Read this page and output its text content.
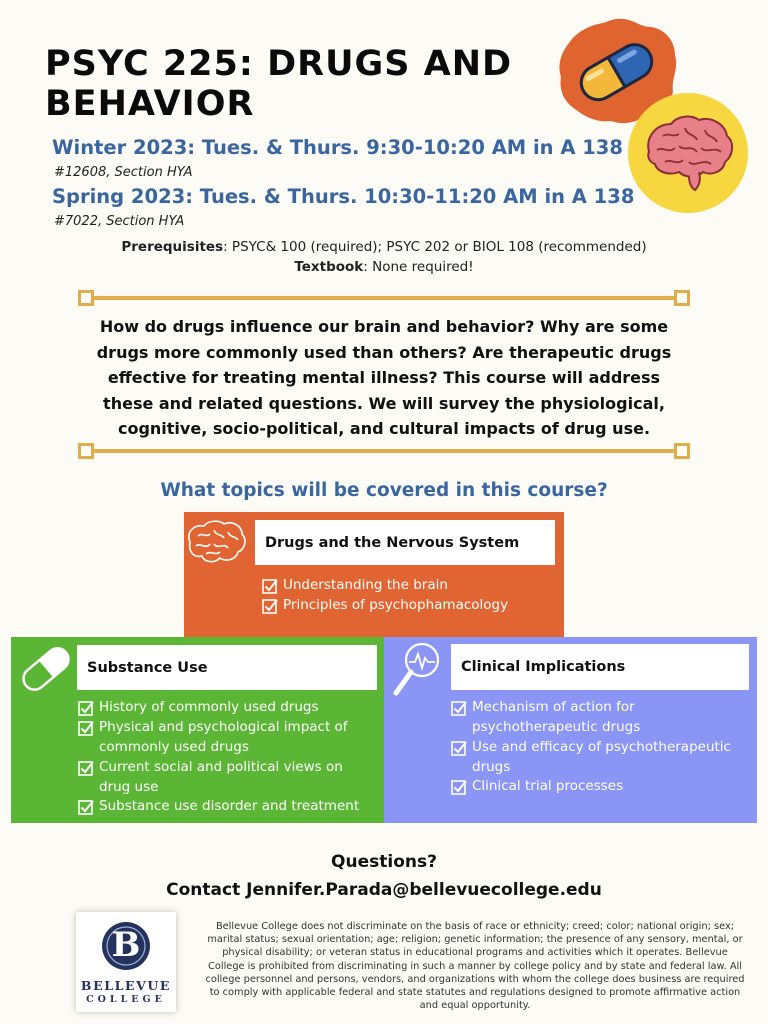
PSYC 225: DRUGS AND BEHAVIOR
Winter 2023: Tues. & Thurs. 9:30-10:20 AM in A 138
#12608, Section HYA
Spring 2023: Tues. & Thurs. 10:30-11:20 AM in A 138
#7022, Section HYA
Prerequisites: PSYC& 100 (required); PSYC 202 or BIOL 108 (recommended)
Textbook: None required!
How do drugs influence our brain and behavior? Why are some drugs more commonly used than others? Are therapeutic drugs effective for treating mental illness? This course will address these and related questions. We will survey the physiological, cognitive, socio-political, and cultural impacts of drug use.
What topics will be covered in this course?
Drugs and the Nervous System
Understanding the brain
Principles of psychophamacology
Substance Use
History of commonly used drugs
Physical and psychological impact of commonly used drugs
Current social and political views on drug use
Substance use disorder and treatment
Clinical Implications
Mechanism of action for psychotherapeutic drugs
Use and efficacy of psychotherapeutic drugs
Clinical trial processes
Questions?
Contact Jennifer.Parada@bellevuecollege.edu
B
BELLEVUE
COLLEGE
Bellevue College does not discriminate on the basis of race or ethnicity; creed; color; national origin; sex; marital status; sexual orientation; age; religion; genetic information; the presence of any sensory, mental, or physical disability; or veteran status in educational programs and activities which it operates. Bellevue College is prohibited from discriminating in such a manner by college policy and by state and federal law. All college personnel and persons, vendors, and organizations with whom the college does business are required to comply with applicable federal and state statutes and regulations designed to promote affirmative action and equal opportunity.
